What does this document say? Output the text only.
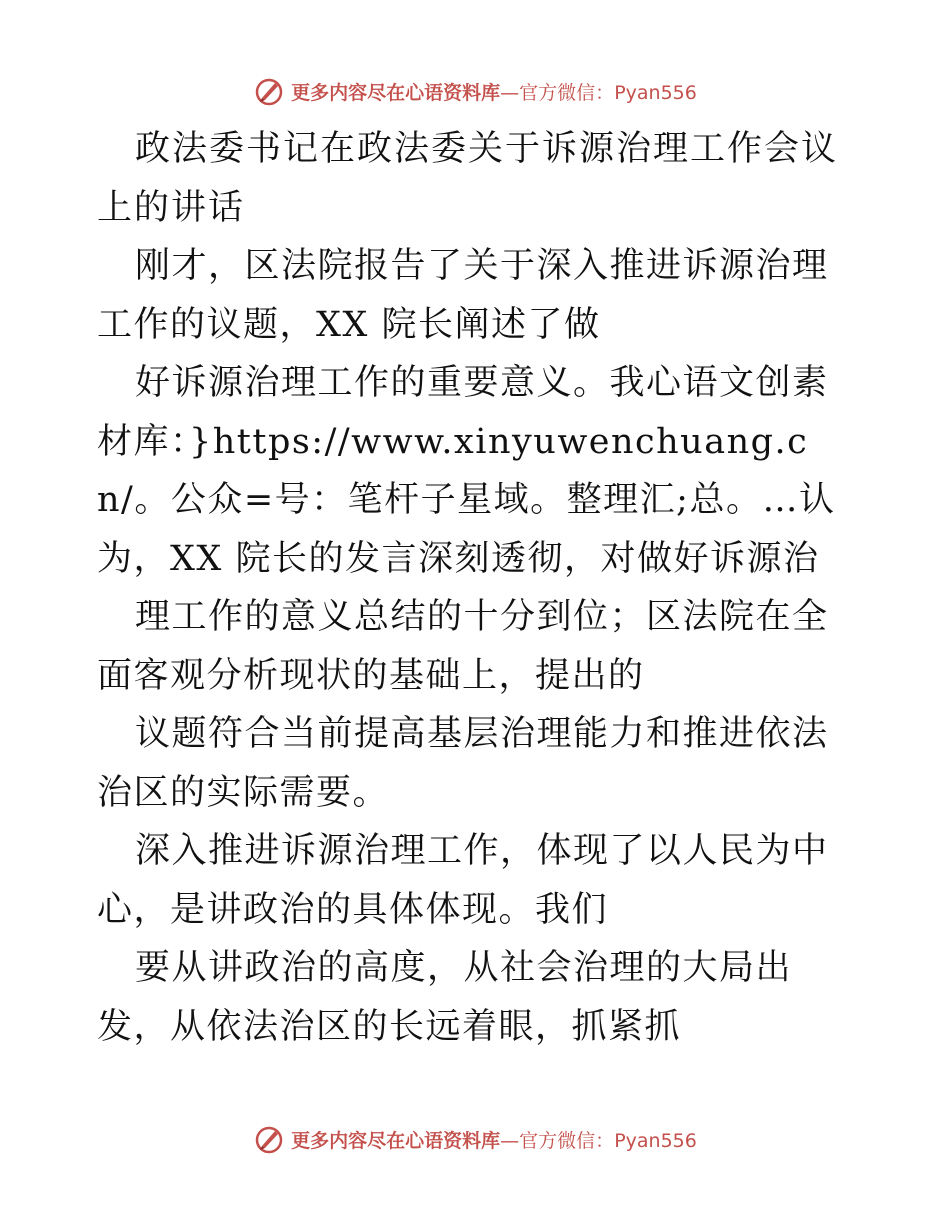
更多内容尽在心语资料库—官方微信：Pyan556

政法委书记在政法委关于诉源治理工作会议上的讲话

刚才，区法院报告了关于深入推进诉源治理工作的议题，XX 院长阐述了做

好诉源治理工作的重要意义。我心语文创素材库：}https://www.xinyuwenchuang.cn/。公众=号：笔杆子星域。整理汇;总。…认为，XX 院长的发言深刻透彻，对做好诉源治

理工作的意义总结的十分到位；区法院在全面客观分析现状的基础上，提出的

议题符合当前提高基层治理能力和推进依法治区的实际需要。

深入推进诉源治理工作，体现了以人民为中心，是讲政治的具体体现。我们

要从讲政治的高度，从社会治理的大局出发，从依法治区的长远着眼，抓紧抓

更多内容尽在心语资料库—官方微信：Pyan556
